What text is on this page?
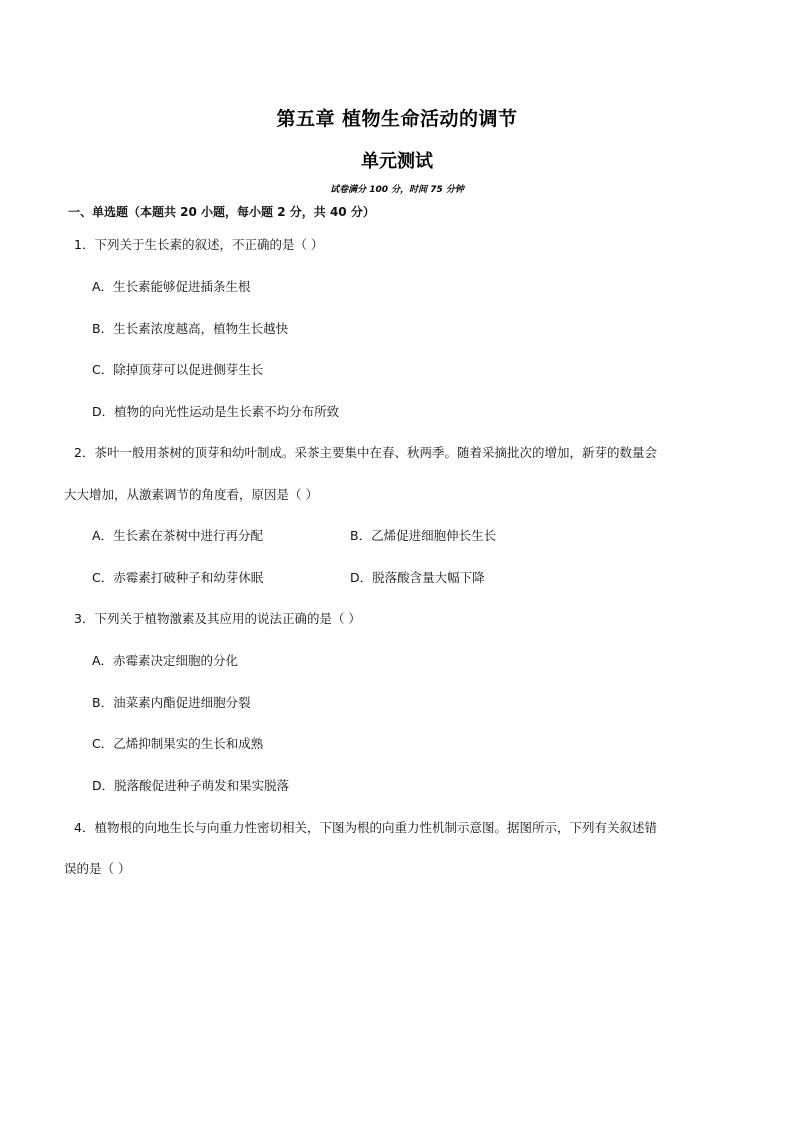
第五章 植物生命活动的调节
单元测试
试卷满分 100 分，时间 75 分钟
一、单选题（本题共 20 小题，每小题 2 分，共 40 分）
1．下列关于生长素的叙述，不正确的是（ ）
A．生长素能够促进插条生根
B．生长素浓度越高，植物生长越快
C．除掉顶芽可以促进侧芽生长
D．植物的向光性运动是生长素不均分布所致
2．茶叶一般用茶树的顶芽和幼叶制成。采茶主要集中在春、秋两季。随着采摘批次的增加，新芽的数量会
大大增加，从激素调节的角度看，原因是（ ）
A．生长素在茶树中进行再分配	B．乙烯促进细胞伸长生长
C．赤霉素打破种子和幼芽休眠	D．脱落酸含量大幅下降
3．下列关于植物激素及其应用的说法正确的是（ ）
A．赤霉素决定细胞的分化
B．油菜素内酯促进细胞分裂
C．乙烯抑制果实的生长和成熟
D．脱落酸促进种子萌发和果实脱落
4．植物根的向地生长与向重力性密切相关，下图为根的向重力性机制示意图。据图所示，下列有关叙述错
误的是（ ）
